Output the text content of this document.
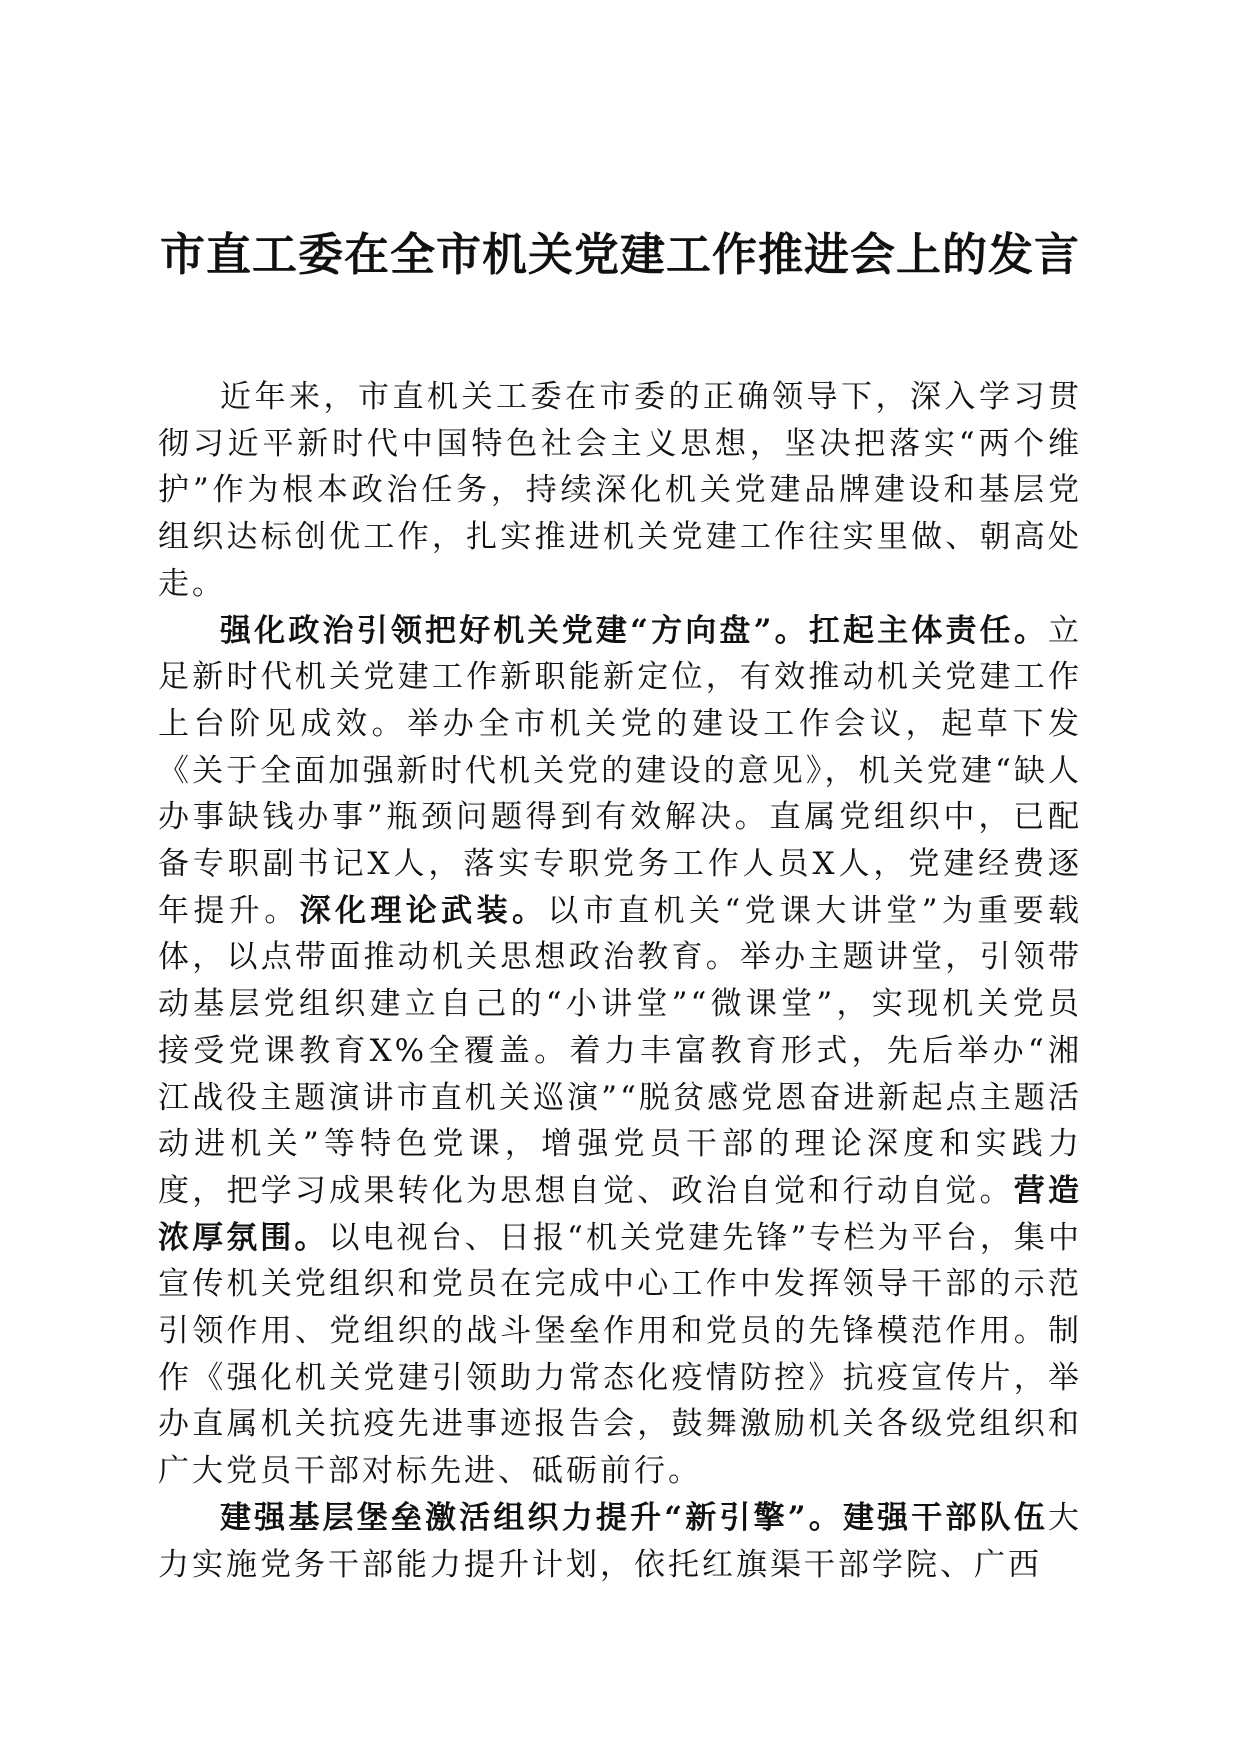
市直工委在全市机关党建工作推进会上的发言

近年来，市直机关工委在市委的正确领导下，深入学习贯彻习近平新时代中国特色社会主义思想，坚决把落实“两个维护”作为根本政治任务，持续深化机关党建品牌建设和基层党组织达标创优工作，扎实推进机关党建工作往实里做、朝高处走。

强化政治引领把好机关党建“方向盘”。扛起主体责任。立足新时代机关党建工作新职能新定位，有效推动机关党建工作上台阶见成效。举办全市机关党的建设工作会议，起草下发《关于全面加强新时代机关党的建设的意见》，机关党建“缺人办事缺钱办事”瓶颈问题得到有效解决。直属党组织中，已配备专职副书记X人，落实专职党务工作人员X人，党建经费逐年提升。深化理论武装。以市直机关“党课大讲堂”为重要载体，以点带面推动机关思想政治教育。举办主题讲堂，引领带动基层党组织建立自己的“小讲堂”“微课堂”，实现机关党员接受党课教育X%全覆盖。着力丰富教育形式，先后举办“湘江战役主题演讲市直机关巡演”“脱贫感党恩奋进新起点主题活动进机关”等特色党课，增强党员干部的理论深度和实践力度，把学习成果转化为思想自觉、政治自觉和行动自觉。营造浓厚氛围。以电视台、日报“机关党建先锋”专栏为平台，集中宣传机关党组织和党员在完成中心工作中发挥领导干部的示范引领作用、党组织的战斗堡垒作用和党员的先锋模范作用。制作《强化机关党建引领助力常态化疫情防控》抗疫宣传片，举办直属机关抗疫先进事迹报告会，鼓舞激励机关各级党组织和广大党员干部对标先进、砥砺前行。

建强基层堡垒激活组织力提升“新引擎”。建强干部队伍大力实施党务干部能力提升计划，依托红旗渠干部学院、广西
